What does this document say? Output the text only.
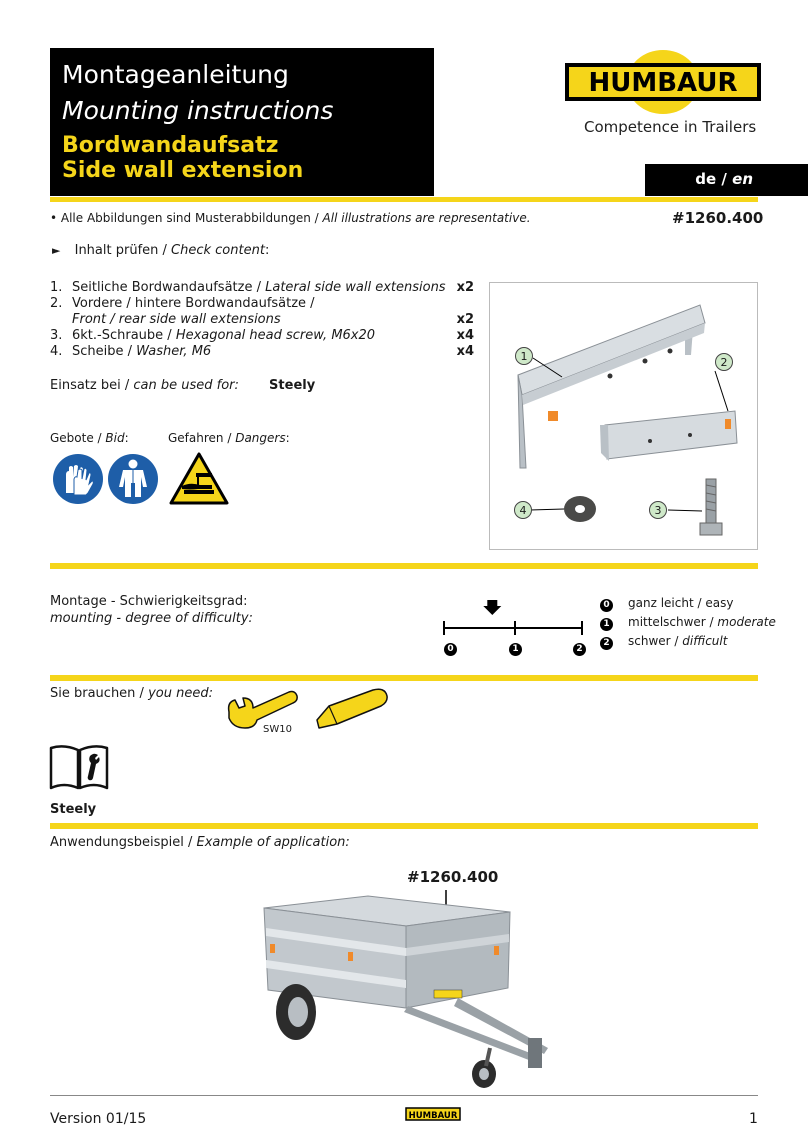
Montageanleitung
Mounting instructions
Bordwandaufsatz
Side wall extension
HUMBAUR
Competence in Trailers
de / en
• Alle Abbildungen sind Musterabbildungen / All illustrations are representative.	#1260.400
► Inhalt prüfen / Check content:
1. Seitliche Bordwandaufsätze / Lateral side wall extensions x2
2. Vordere / hintere Bordwandaufsätze /
Front / rear side wall extensions	x2
3. 6kt.-Schraube / Hexagonal head screw, M6x20	x4
4. Scheibe / Washer, M6	x4
Einsatz bei / can be used for: Steely
Gebote / Bid:	Gefahren / Dangers:
1	2
3
4
Montage - Schwierigkeitsgrad:
mounting - degree of difficulty:
0	1	2
0 ganz leicht / easy
1 mittelschwer / moderate
2 schwer / difficult
Sie brauchen / you need:
SW10
Steely
Anwendungsbeispiel / Example of application:
#1260.400
Version 01/15	HUMBAUR	1
